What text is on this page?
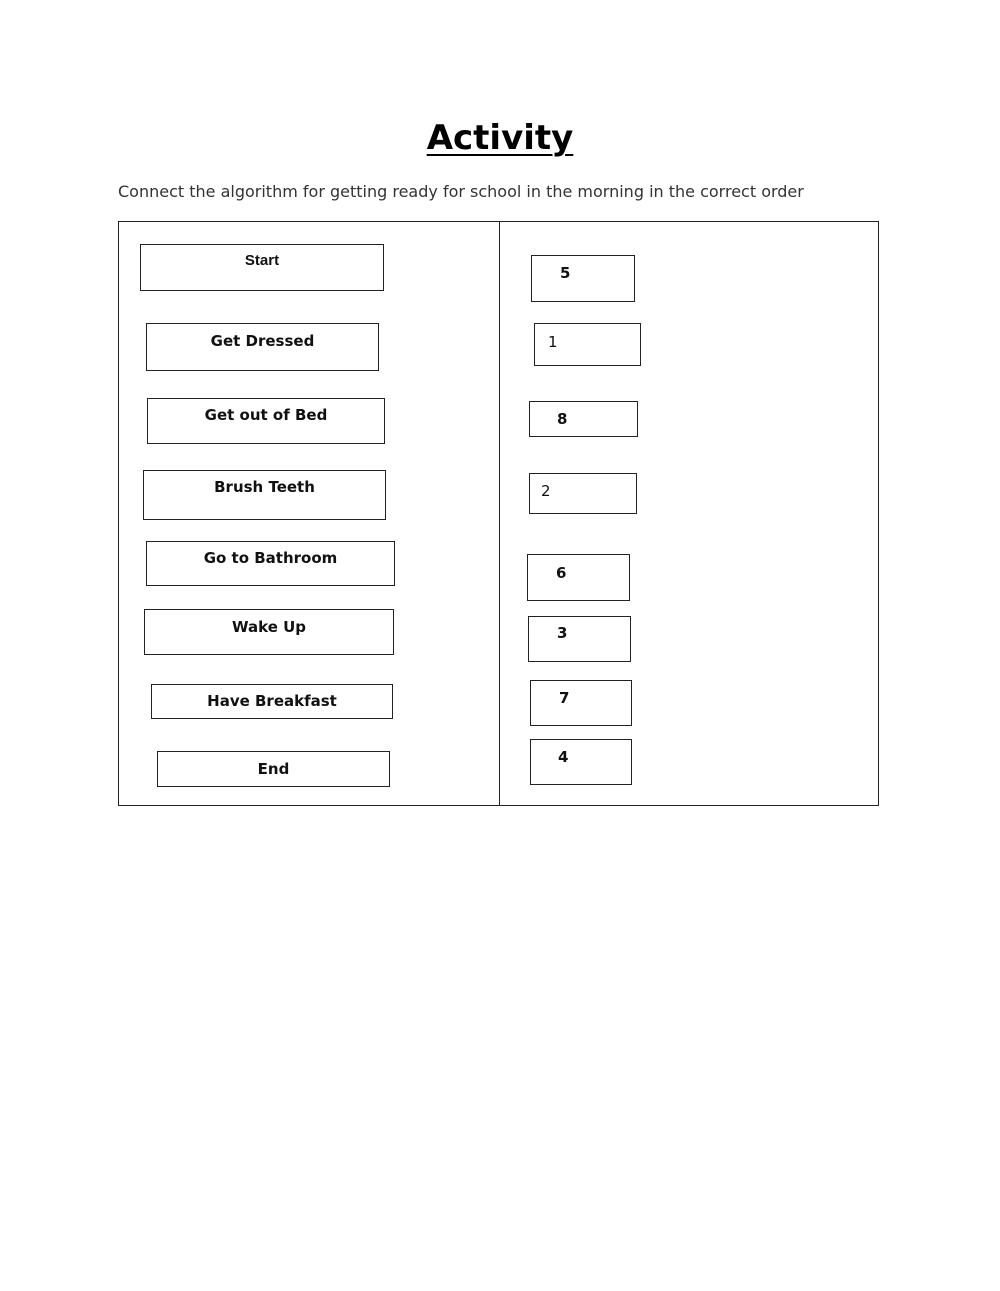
Activity
Connect the algorithm for getting ready for school in the morning in the correct order
Start
Get Dressed
Get out of Bed
Brush Teeth
Go to Bathroom
Wake Up
Have Breakfast
End
5
1
8
2
6
3
7
4
